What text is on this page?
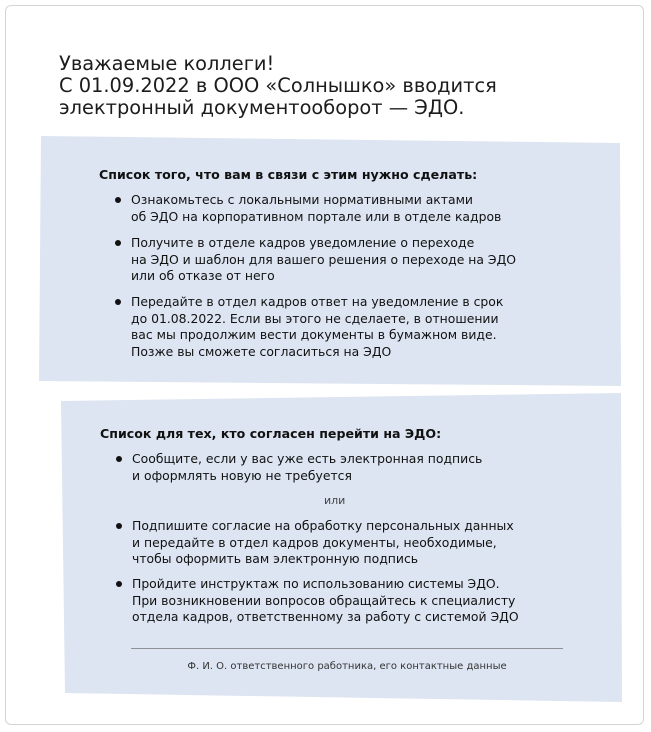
Уважаемые коллеги!
С 01.09.2022 в ООО «Солнышко» вводится
электронный документооборот — ЭДО.

Список того, что вам в связи с этим нужно сделать:

Ознакомьтесь с локальными нормативными актами
об ЭДО на корпоративном портале или в отделе кадров
Получите в отделе кадров уведомление о переходе
на ЭДО и шаблон для вашего решения о переходе на ЭДО
или об отказе от него
Передайте в отдел кадров ответ на уведомление в срок
до 01.08.2022. Если вы этого не сделаете, в отношении
вас мы продолжим вести документы в бумажном виде.
Позже вы сможете согласиться на ЭДО

Список для тех, кто согласен перейти на ЭДО:

Сообщите, если у вас уже есть электронная подпись
и оформлять новую не требуется
или
Подпишите согласие на обработку персональных данных
и передайте в отдел кадров документы, необходимые,
чтобы оформить вам электронную подпись
Пройдите инструктаж по использованию системы ЭДО.
При возникновении вопросов обращайтесь к специалисту
отдела кадров, ответственному за работу с системой ЭДО
Ф. И. О. ответственного работника, его контактные данные
